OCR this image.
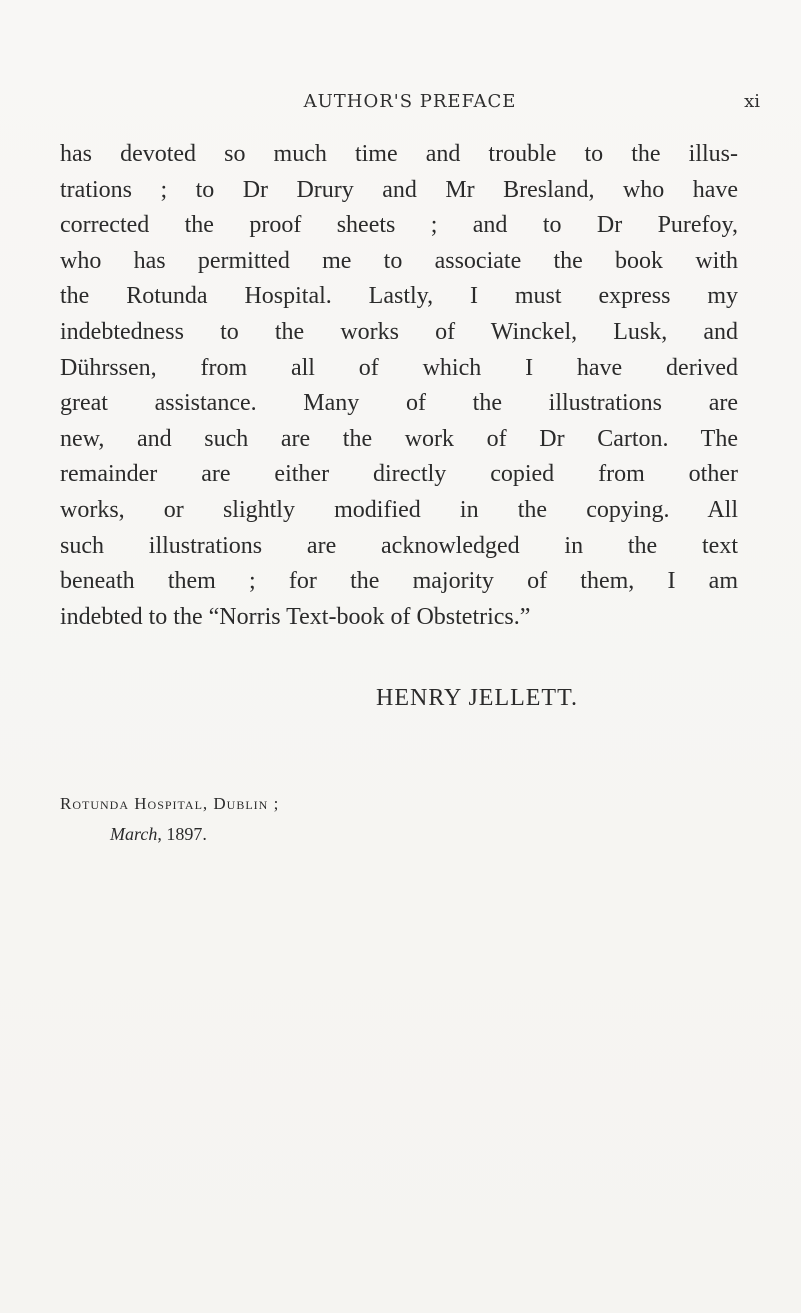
AUTHOR'S PREFACE	xi
has devoted so much time and trouble to the illus-
trations ; to Dr Drury and Mr Bresland, who have
corrected the proof sheets ; and to Dr Purefoy,
who has permitted me to associate the book with
the Rotunda Hospital. Lastly, I must express my
indebtedness to the works of Winckel, Lusk, and
Dührssen, from all of which I have derived
great assistance. Many of the illustrations are
new, and such are the work of Dr Carton. The
remainder are either directly copied from other
works, or slightly modified in the copying. All
such illustrations are acknowledged in the text
beneath them ; for the majority of them, I am
indebted to the “Norris Text-book of Obstetrics.”
HENRY JELLETT.
Rotunda Hospital, Dublin ;
March, 1897.
